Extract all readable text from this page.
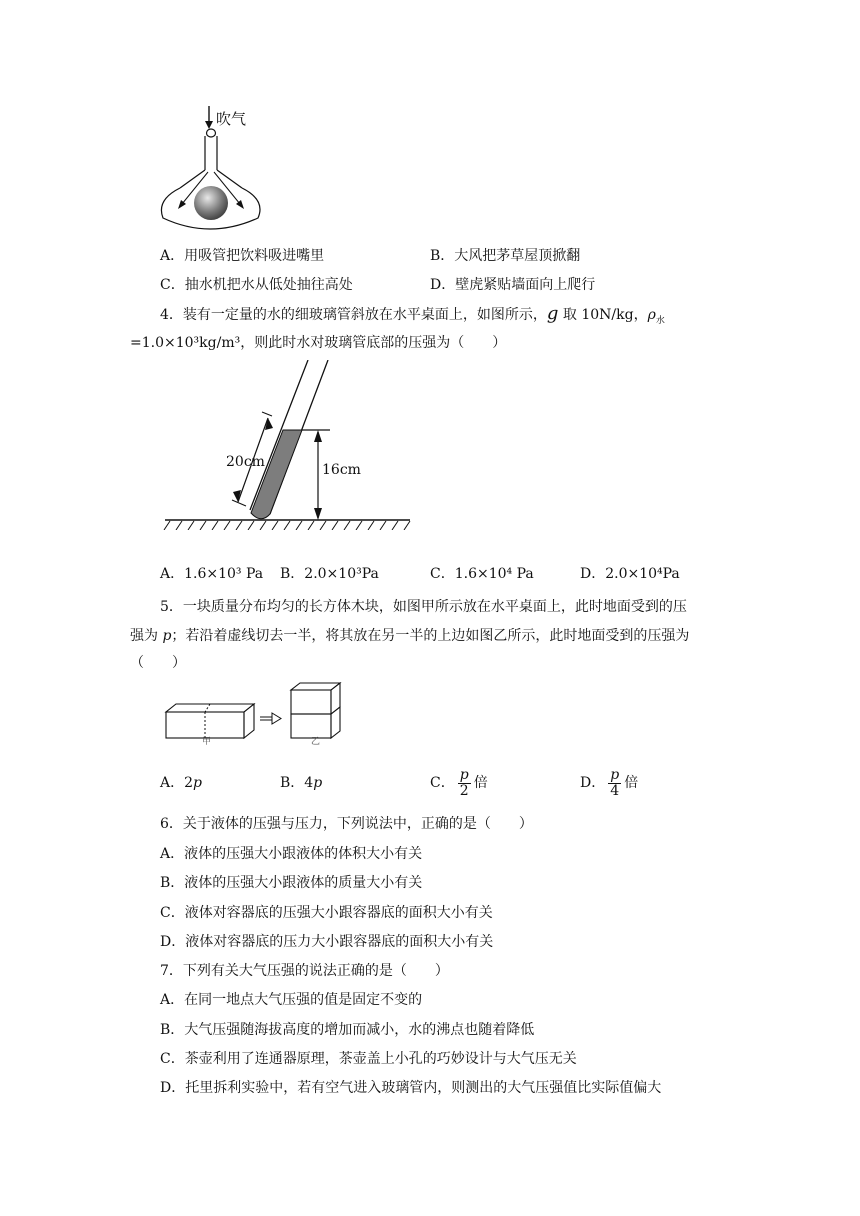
吹气
A．用吸管把饮料吸进嘴里	B．大风把茅草屋顶掀翻
C．抽水机把水从低处抽往高处	D．壁虎紧贴墙面向上爬行
4．装有一定量的水的细玻璃管斜放在水平桌面上，如图所示，g 取 10N/kg，$\rho_水$
=1.0×10³kg/m³，则此时水对玻璃管底部的压强为（　　）
20cm	16cm
A．1.6×10³ Pa B．2.0×10³Pa	C．1.6×10⁴ Pa	D．2.0×10⁴Pa
5．一块质量分布均匀的长方体木块，如图甲所示放在水平桌面上，此时地面受到的压
强为 p；若沿着虚线切去一半，将其放在另一半的上边如图乙所示，此时地面受到的压强为
（　　）
甲	乙
A．2p	B．4p	C． $\frac{p}{2}$ 倍	D． $\frac{p}{4}$ 倍
6．关于液体的压强与压力，下列说法中，正确的是（　　）
A．液体的压强大小跟液体的体积大小有关
B．液体的压强大小跟液体的质量大小有关
C．液体对容器底的压强大小跟容器底的面积大小有关
D．液体对容器底的压力大小跟容器底的面积大小有关
7．下列有关大气压强的说法正确的是（　　）
A．在同一地点大气压强的值是固定不变的
B．大气压强随海拔高度的增加而减小，水的沸点也随着降低
C．茶壶利用了连通器原理，茶壶盖上小孔的巧妙设计与大气压无关
D．托里拆利实验中，若有空气进入玻璃管内，则测出的大气压强值比实际值偏大
